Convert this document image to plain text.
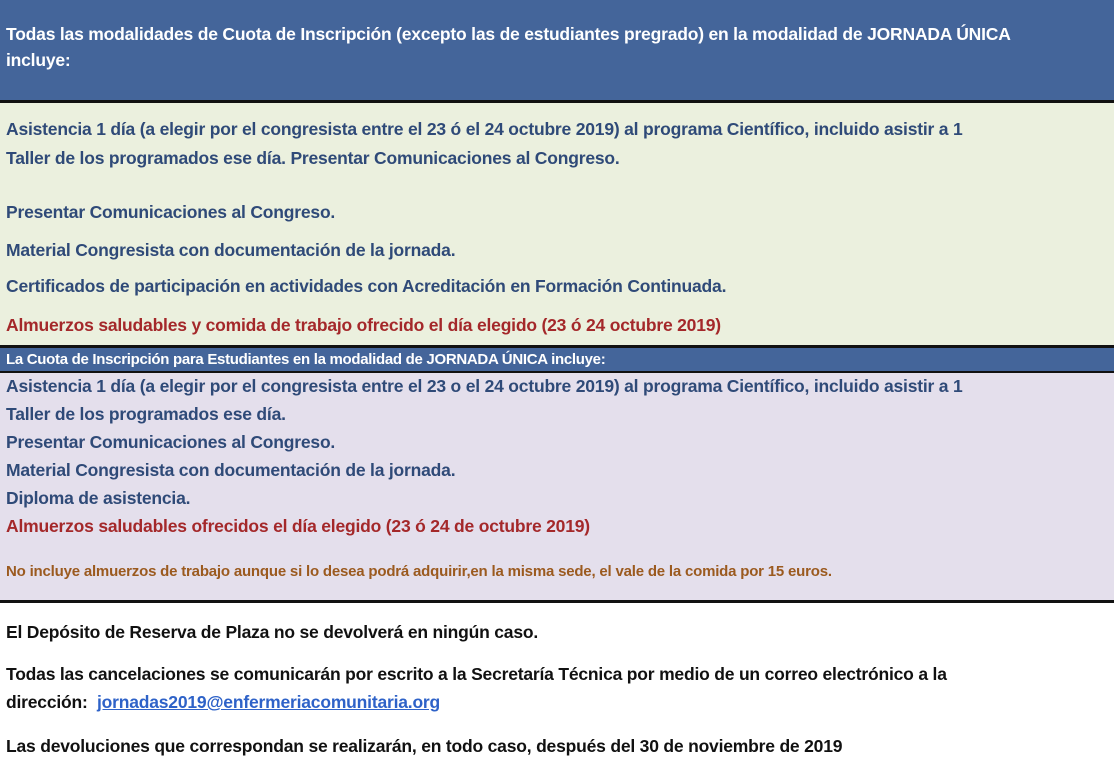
Todas las modalidades de Cuota de Inscripción (excepto las de estudiantes pregrado) en la modalidad de JORNADA ÚNICA
incluye:
Asistencia 1 día (a elegir por el congresista entre el 23 ó el 24 octubre 2019) al programa Científico, incluido asistir a 1
Taller de los programados ese día. Presentar Comunicaciones al Congreso.
Presentar Comunicaciones al Congreso.
Material Congresista con documentación de la jornada.
Certificados de participación en actividades con Acreditación en Formación Continuada.
Almuerzos saludables y comida de trabajo ofrecido el día elegido (23 ó 24 octubre 2019)
La Cuota de Inscripción para Estudiantes en la modalidad de JORNADA ÚNICA incluye:
Asistencia 1 día (a elegir por el congresista entre el 23 o el 24 octubre 2019) al programa Científico, incluido asistir a 1
Taller de los programados ese día.
Presentar Comunicaciones al Congreso.
Material Congresista con documentación de la jornada.
Diploma de asistencia.
Almuerzos saludables ofrecidos el día elegido (23 ó 24 de octubre 2019)
No incluye almuerzos de trabajo aunque si lo desea podrá adquirir,en la misma sede, el vale de la comida por 15 euros.
El Depósito de Reserva de Plaza no se devolverá en ningún caso.
Todas las cancelaciones se comunicarán por escrito a la Secretaría Técnica por medio de un correo electrónico a la
dirección: jornadas2019@enfermeriacomunitaria.org
Las devoluciones que correspondan se realizarán, en todo caso, después del 30 de noviembre de 2019
